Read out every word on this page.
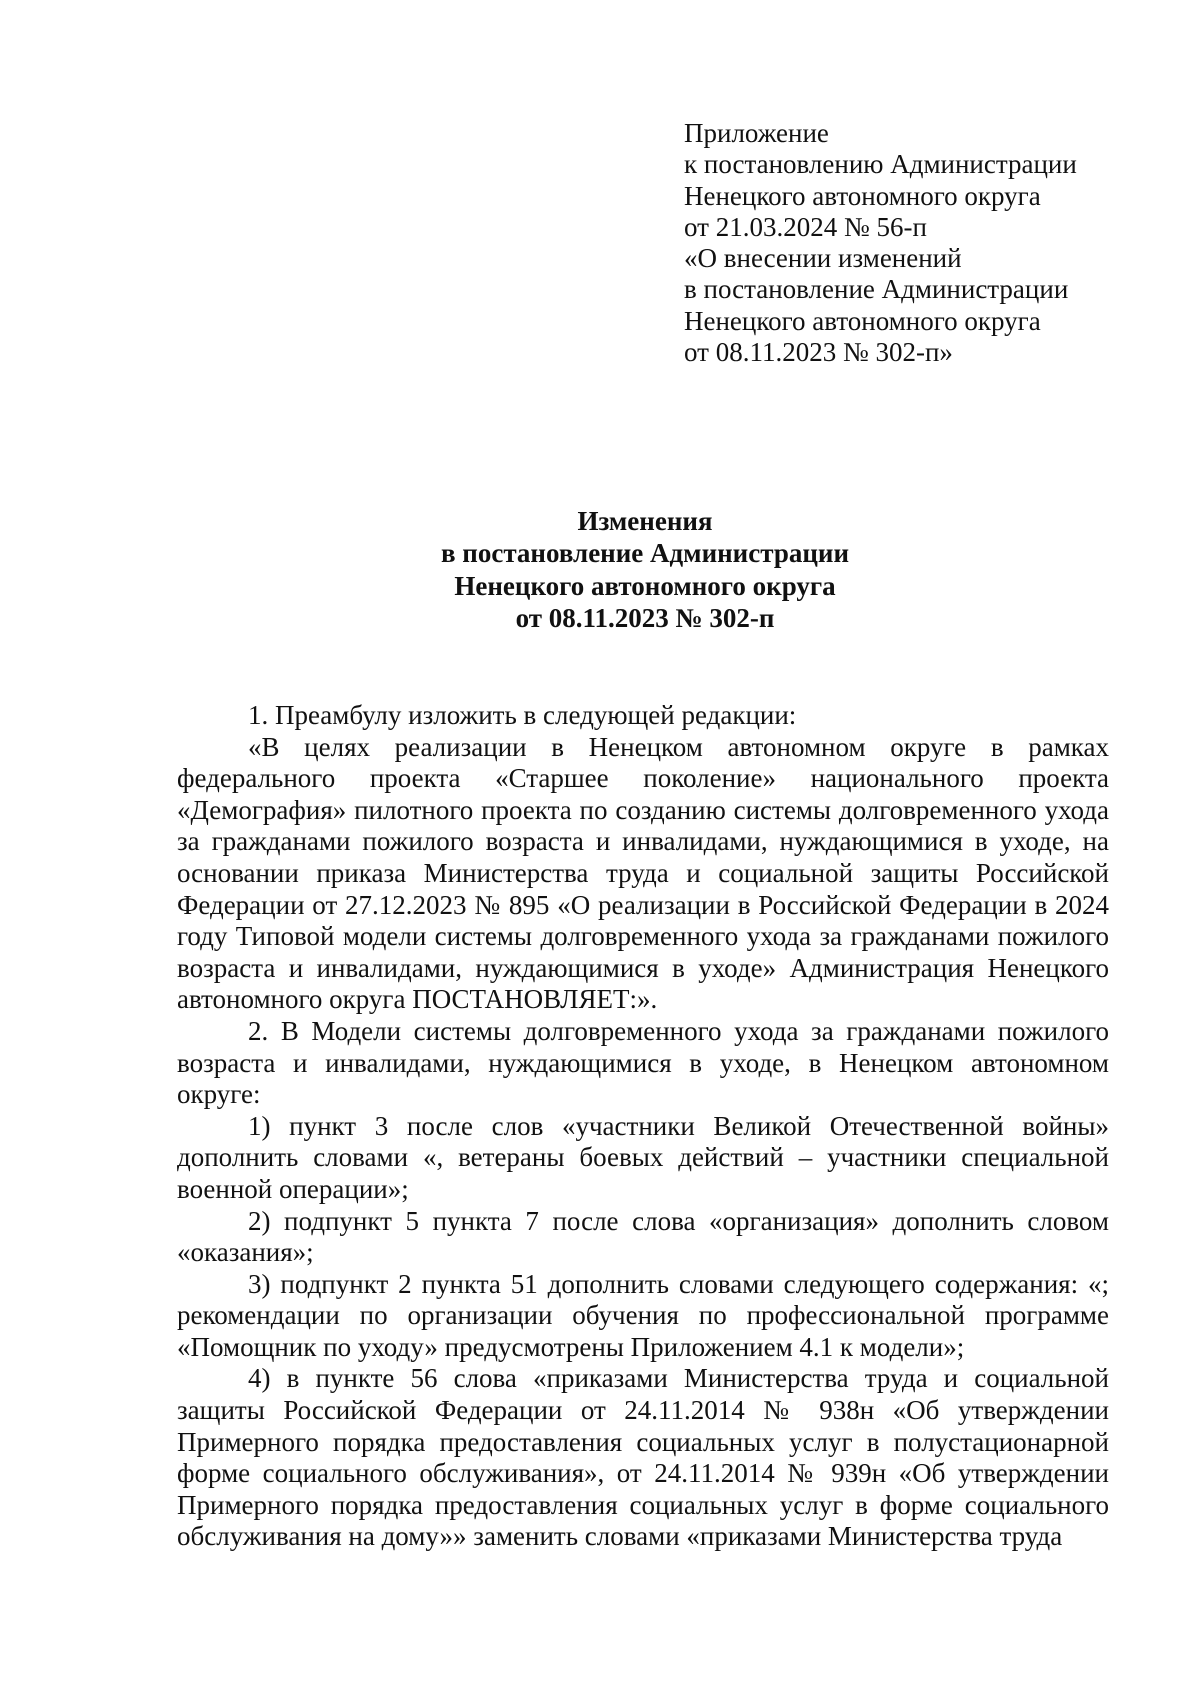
Приложение
к постановлению Администрации
Ненецкого автономного округа
от 21.03.2024 № 56-п
«О внесении изменений
в постановление Администрации
Ненецкого автономного округа
от 08.11.2023 № 302-п»
Изменения
в постановление Администрации
Ненецкого автономного округа
от 08.11.2023 № 302-п

1. Преамбулу изложить в следующей редакции:

«В целях реализации в Ненецком автономном округе в рамках федерального проекта «Старшее поколение» национального проекта «Демография» пилотного проекта по созданию системы долговременного ухода за гражданами пожилого возраста и инвалидами, нуждающимися в уходе, на основании приказа Министерства труда и социальной защиты Российской Федерации от 27.12.2023 № 895 «О реализации в Российской Федерации в 2024 году Типовой модели системы долговременного ухода за гражданами пожилого возраста и инвалидами, нуждающимися в уходе» Администрация Ненецкого автономного округа ПОСТАНОВЛЯЕТ:».

2. В Модели системы долговременного ухода за гражданами пожилого возраста и инвалидами, нуждающимися в уходе, в Ненецком автономном округе:

1) пункт 3 после слов «участники Великой Отечественной войны» дополнить словами «, ветераны боевых действий – участники специальной военной операции»;

2) подпункт 5 пункта 7 после слова «организация» дополнить словом «оказания»;

3) подпункт 2 пункта 51 дополнить словами следующего содержания: «; рекомендации по организации обучения по профессиональной программе «Помощник по уходу» предусмотрены Приложением 4.1 к модели»;

4) в пункте 56 слова «приказами Министерства труда и социальной защиты Российской Федерации от 24.11.2014 № 938н «Об утверждении Примерного порядка предоставления социальных услуг в полустационарной форме социального обслуживания», от 24.11.2014 № 939н «Об утверждении Примерного порядка предоставления социальных услуг в форме социального обслуживания на дому»» заменить словами «приказами Министерства труда
